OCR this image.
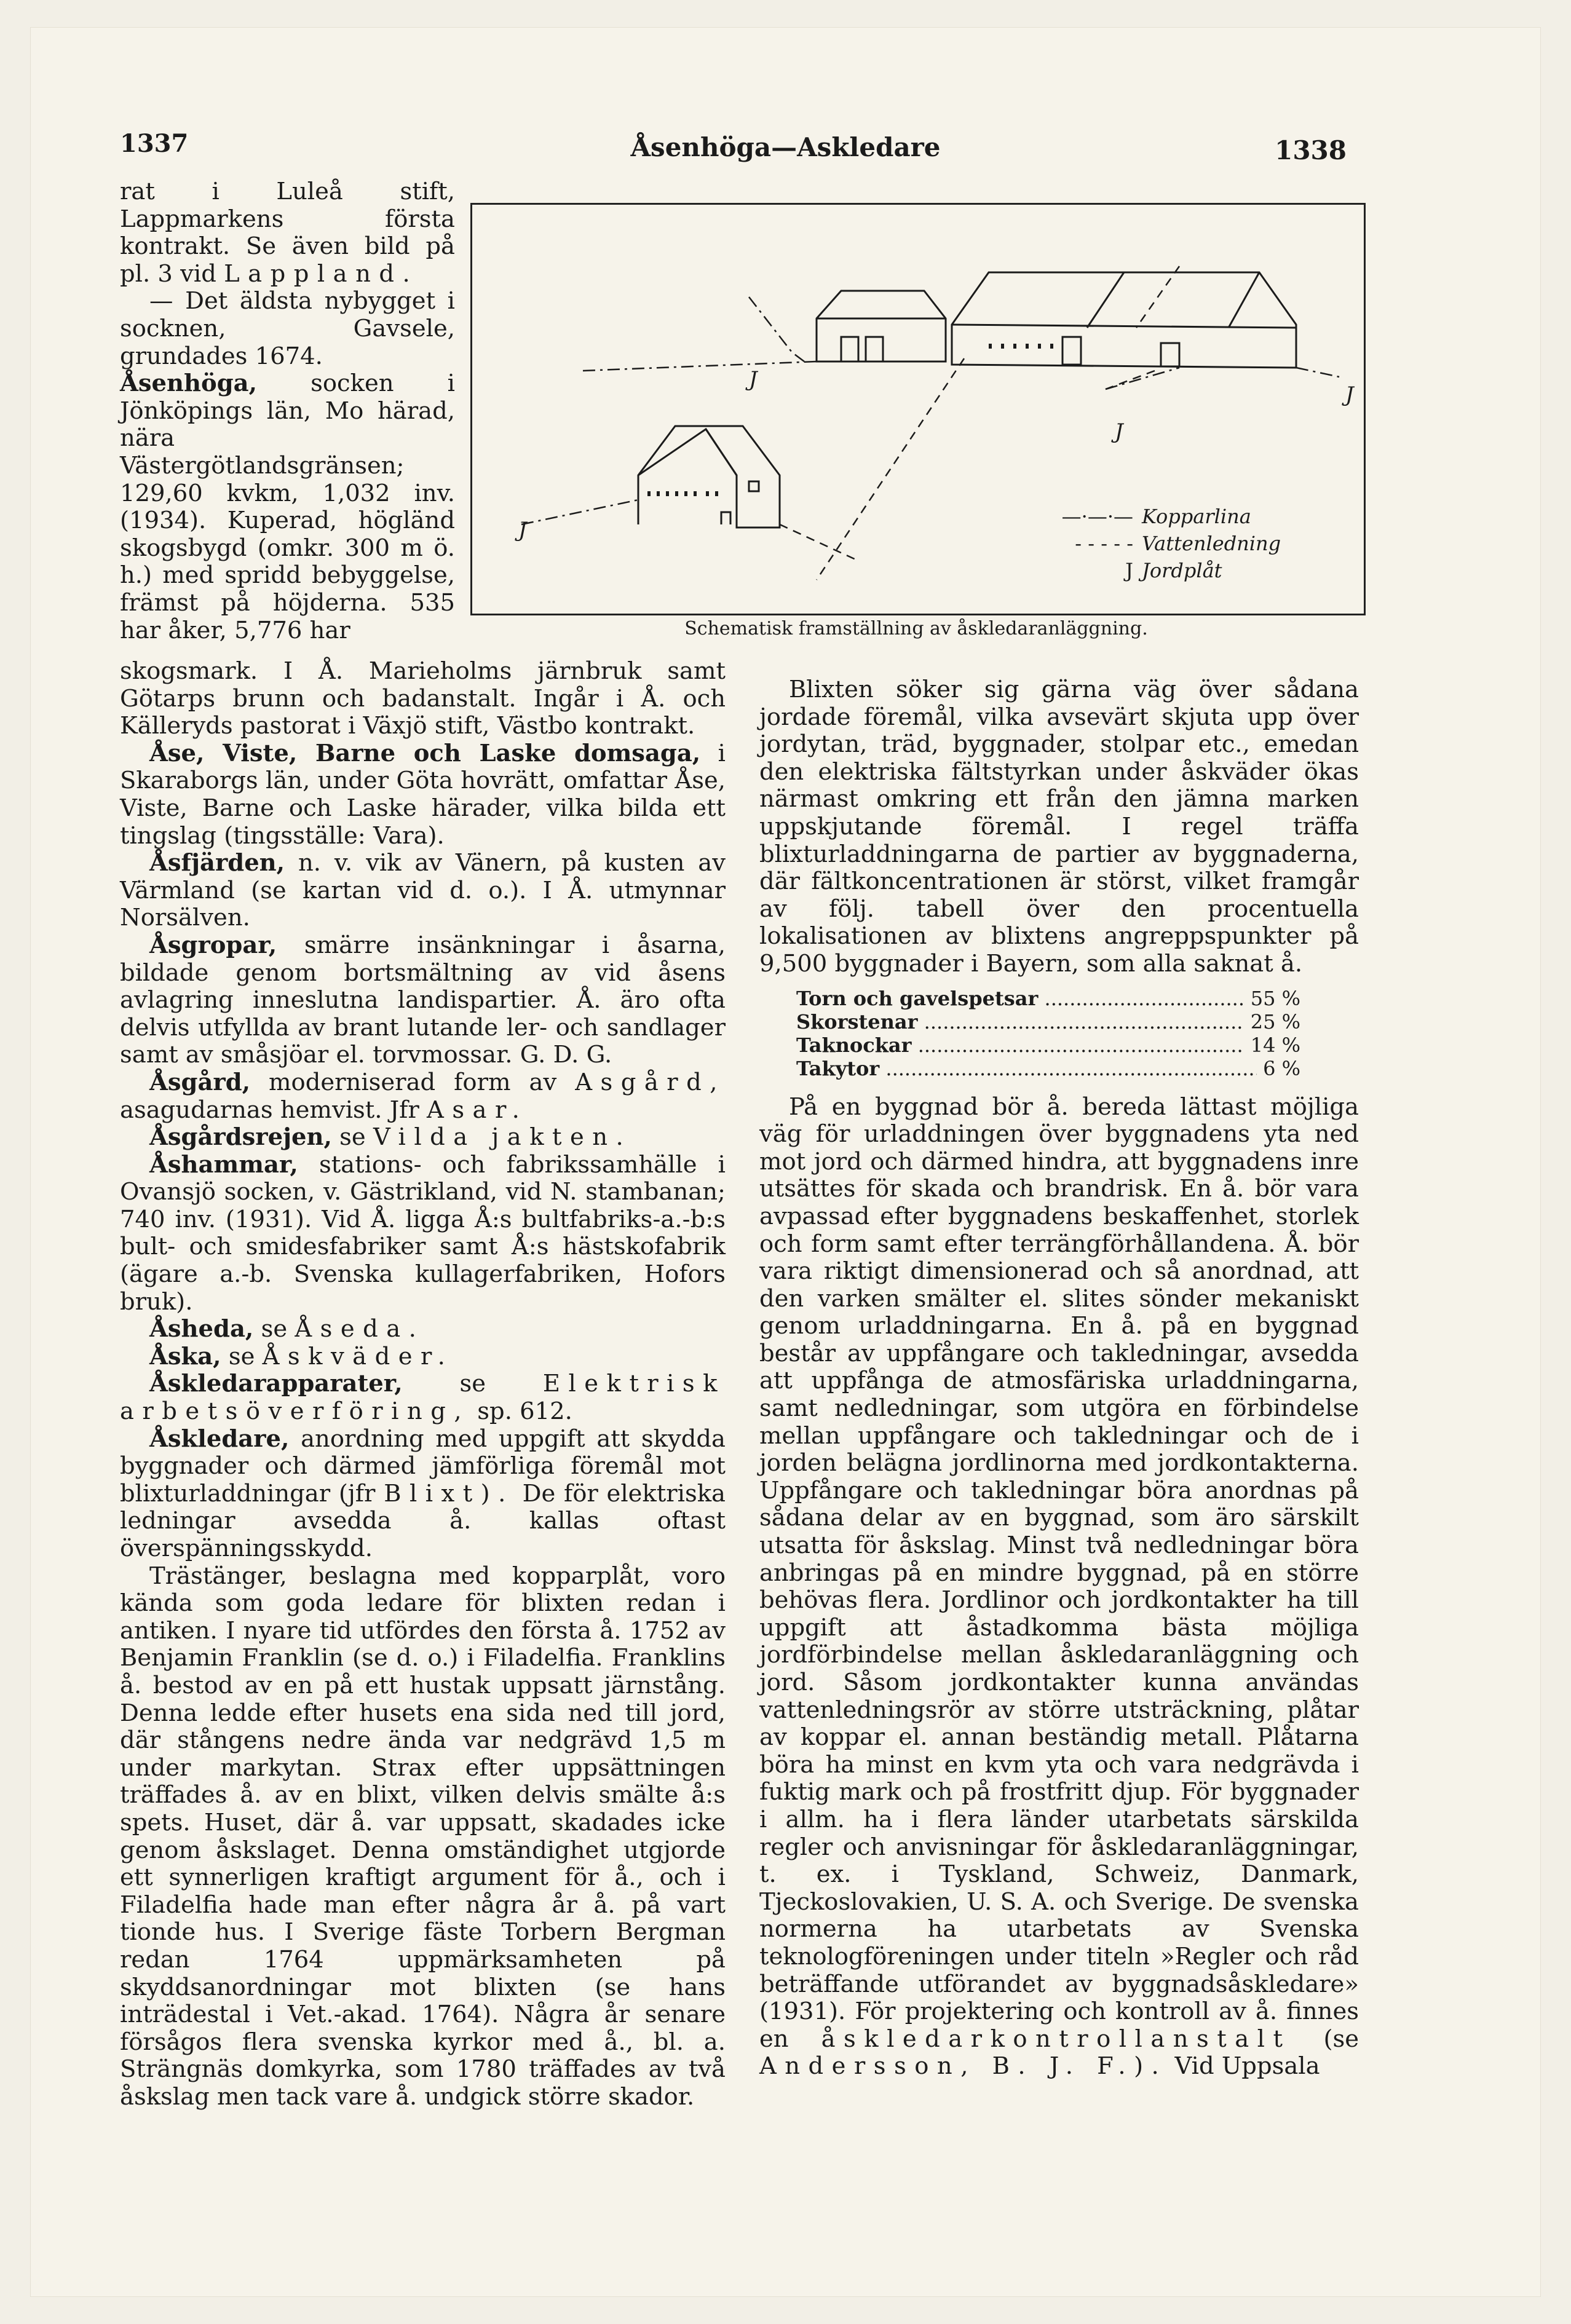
1337	Åsenhöga—Askledare	1338

rat i Luleå stift, Lappmarkens första kontrakt. Se även bild på pl. 3 vid Lappland.

— Det äldsta nybygget i socknen, Gavsele, grundades 1674.

Åsenhöga, socken i Jönköpings län, Mo härad, nära Västergötlandsgränsen; 129,60 kvkm, 1,032 inv. (1934). Kuperad, högländ skogsbygd (omkr. 300 m ö. h.) med spridd bebyggelse, främst på höjderna. 535 har åker, 5,776 har

J
J
J
J
—·—·— Kopparlina
- - - - - Vattenledning
J Jordplåt
Schematisk framställning av åskledaranläggning.

skogsmark. I Å. Marieholms järnbruk samt Götarps brunn och badanstalt. Ingår i Å. och Källeryds pastorat i Växjö stift, Västbo kontrakt.

Åse, Viste, Barne och Laske domsaga, i Skaraborgs län, under Göta hovrätt, omfattar Åse, Viste, Barne och Laske härader, vilka bilda ett tingslag (tingsställe: Vara).

Åsfjärden, n. v. vik av Vänern, på kusten av Värmland (se kartan vid d. o.). I Å. utmynnar Norsälven.

Åsgropar, smärre insänkningar i åsarna, bildade genom bortsmältning av vid åsens avlagring inneslutna landispartier. Å. äro ofta delvis utfyllda av brant lutande ler- och sandlager samt av småsjöar el. torvmossar. G. D. G.

Åsgård, moderniserad form av Asgård, asagudarnas hemvist. Jfr Asar.

Åsgårdsrejen, se Vilda jakten.

Åshammar, stations- och fabrikssamhälle i Ovansjö socken, v. Gästrikland, vid N. stambanan; 740 inv. (1931). Vid Å. ligga Å:s bultfabriks-a.-b:s bult- och smidesfabriker samt Å:s hästskofabrik (ägare a.-b. Svenska kullagerfabriken, Hofors bruk).

Åsheda, se Åseda.

Åska, se Åskväder.

Åskledarapparater, se Elektrisk arbetsöverföring, sp. 612.

Åskledare, anordning med uppgift att skydda byggnader och därmed jämförliga föremål mot blixturladdningar (jfr Blixt). De för elektriska ledningar avsedda å. kallas oftast överspänningsskydd.

Trästänger, beslagna med kopparplåt, voro kända som goda ledare för blixten redan i antiken. I nyare tid utfördes den första å. 1752 av Benjamin Franklin (se d. o.) i Filadelfia. Franklins å. bestod av en på ett hustak uppsatt järnstång. Denna ledde efter husets ena sida ned till jord, där stångens nedre ända var nedgrävd 1,5 m under markytan. Strax efter uppsättningen träffades å. av en blixt, vilken delvis smälte å:s spets. Huset, där å. var uppsatt, skadades icke genom åskslaget. Denna omständighet utgjorde ett synnerligen kraftigt argument för å., och i Filadelfia hade man efter några år å. på vart tionde hus. I Sverige fäste Torbern Bergman redan 1764 uppmärksamheten på skyddsanordningar mot blixten (se hans inträdestal i Vet.-akad. 1764). Några år senare försågos flera svenska kyrkor med å., bl. a. Strängnäs domkyrka, som 1780 träffades av två åskslag men tack vare å. undgick större skador.

Blixten söker sig gärna väg över sådana jordade föremål, vilka avsevärt skjuta upp över jordytan, träd, byggnader, stolpar etc., emedan den elektriska fältstyrkan under åskväder ökas närmast omkring ett från den jämna marken uppskjutande föremål. I regel träffa blixturladdningarna de partier av byggnaderna, där fältkoncentrationen är störst, vilket framgår av följ. tabell över den procentuella lokalisationen av blixtens angreppspunkter på 9,500 byggnader i Bayern, som alla saknat å.

Torn och gavelspetsar .....	55 %
Skorstenar .....	25 %
Taknockar .....	14 %
Takytor .....	6 %

På en byggnad bör å. bereda lättast möjliga väg för urladdningen över byggnadens yta ned mot jord och därmed hindra, att byggnadens inre utsättes för skada och brandrisk. En å. bör vara avpassad efter byggnadens beskaffenhet, storlek och form samt efter terrängförhållandena. Å. bör vara riktigt dimensionerad och så anordnad, att den varken smälter el. slites sönder mekaniskt genom urladdningarna. En å. på en byggnad består av uppfångare och takledningar, avsedda att uppfånga de atmosfäriska urladdningarna, samt nedledningar, som utgöra en förbindelse mellan uppfångare och takledningar och de i jorden belägna jordlinorna med jordkontakterna. Uppfångare och takledningar böra anordnas på sådana delar av en byggnad, som äro särskilt utsatta för åskslag. Minst två nedledningar böra anbringas på en mindre byggnad, på en större behövas flera. Jordlinor och jordkontakter ha till uppgift att åstadkomma bästa möjliga jordförbindelse mellan åskledaranläggning och jord. Såsom jordkontakter kunna användas vattenledningsrör av större utsträckning, plåtar av koppar el. annan beständig metall. Plåtarna böra ha minst en kvm yta och vara nedgrävda i fuktig mark och på frostfritt djup. För byggnader i allm. ha i flera länder utarbetats särskilda regler och anvisningar för åskledaranläggningar, t. ex. i Tyskland, Schweiz, Danmark, Tjeckoslovakien, U. S. A. och Sverige. De svenska normerna ha utarbetats av Svenska teknologföreningen under titeln »Regler och råd beträffande utförandet av byggnadsåskledare» (1931). För projektering och kontroll av å. finnes en åskledarkontrollanstalt (se Andersson, B. J. F.). Vid Uppsala
